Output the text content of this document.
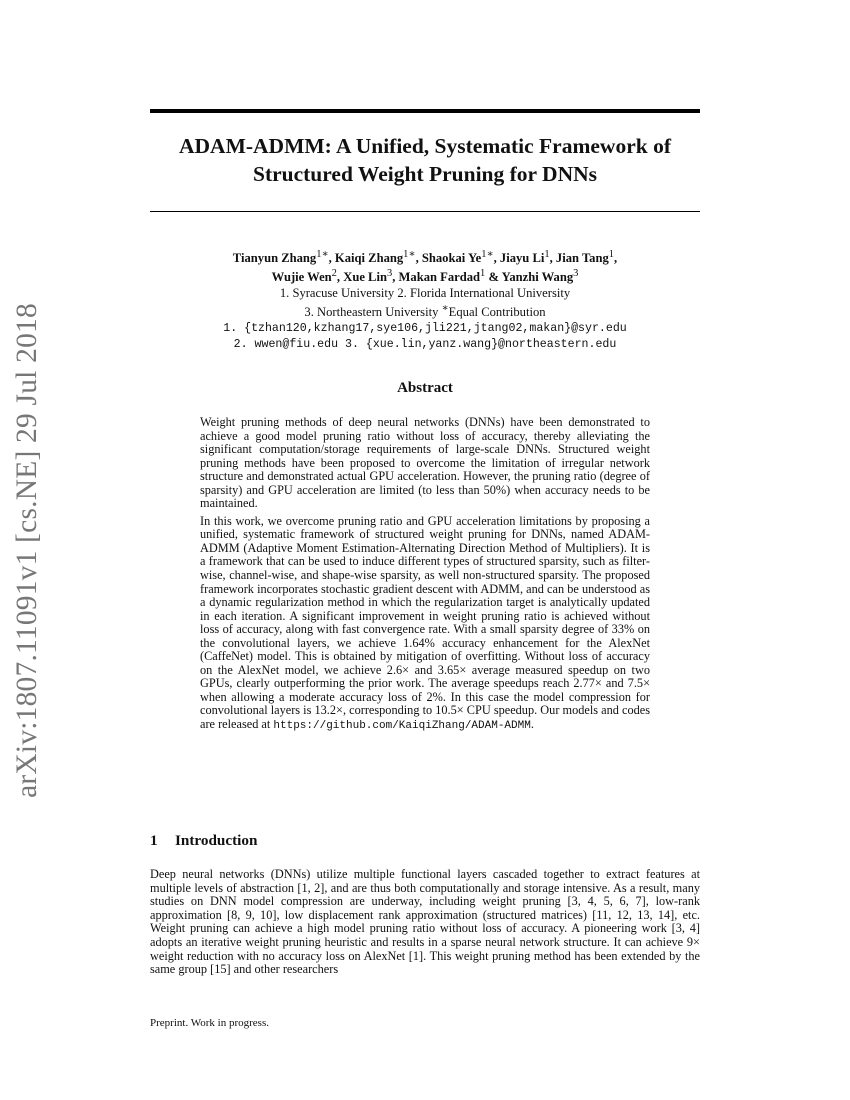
arXiv:1807.11091v1 [cs.NE] 29 Jul 2018
ADAM-ADMM: A Unified, Systematic Framework of
Structured Weight Pruning for DNNs
Tianyun Zhang$^{1∗}$, Kaiqi Zhang$^{1∗}$, Shaokai $Ye^{1∗}$, Jiayu Li$^1$, Jian Tang$^1$,
Wujie Wen$^2$, Xue Lin$^3$, Makan Fardad$^1$ & Yanzhi Wang$^3$
1. Syracuse University 2. Florida International University
3. Northeastern University ∗Equal Contribution
1. {tzhan120,kzhang17,sye106,jli221,jtang02,makan}@syr.edu
2. wwen@fiu.edu 3. {xue.lin,yanz.wang}@northeastern.edu
Abstract

Weight pruning methods of deep neural networks (DNNs) have been demonstrated to achieve a good model pruning ratio without loss of accuracy, thereby alleviating the significant computation/storage requirements of large-scale DNNs. Structured weight pruning methods have been proposed to overcome the limitation of irregular network structure and demonstrated actual GPU acceleration. However, the pruning ratio (degree of sparsity) and GPU acceleration are limited (to less than 50%) when accuracy needs to be maintained.

In this work, we overcome pruning ratio and GPU acceleration limitations by proposing a unified, systematic framework of structured weight pruning for DNNs, named ADAM-ADMM (Adaptive Moment Estimation-Alternating Direction Method of Multipliers). It is a framework that can be used to induce different types of structured sparsity, such as filter-wise, channel-wise, and shape-wise sparsity, as well non-structured sparsity. The proposed framework incorporates stochastic gradient descent with ADMM, and can be understood as a dynamic regularization method in which the regularization target is analytically updated in each iteration. A significant improvement in weight pruning ratio is achieved without loss of accuracy, along with fast convergence rate. With a small sparsity degree of 33% on the convolutional layers, we achieve 1.64% accuracy enhancement for the AlexNet (CaffeNet) model. This is obtained by mitigation of overfitting. Without loss of accuracy on the AlexNet model, we achieve 2.6× and 3.65× average measured speedup on two GPUs, clearly outperforming the prior work. The average speedups reach 2.77× and 7.5× when allowing a moderate accuracy loss of 2%. In this case the model compression for convolutional layers is 13.2×, corresponding to 10.5× CPU speedup. Our models and codes are released at https://github.com/KaiqiZhang/ADAM-ADMM.

1 Introduction

Deep neural networks (DNNs) utilize multiple functional layers cascaded together to extract features at multiple levels of abstraction [1, 2], and are thus both computationally and storage intensive. As a result, many studies on DNN model compression are underway, including weight pruning [3, 4, 5, 6, 7], low-rank approximation [8, 9, 10], low displacement rank approximation (structured matrices) [11, 12, 13, 14], etc. Weight pruning can achieve a high model pruning ratio without loss of accuracy. A pioneering work [3, 4] adopts an iterative weight pruning heuristic and results in a sparse neural network structure. It can achieve 9× weight reduction with no accuracy loss on AlexNet [1]. This weight pruning method has been extended by the same group [15] and other researchers

Preprint. Work in progress.
